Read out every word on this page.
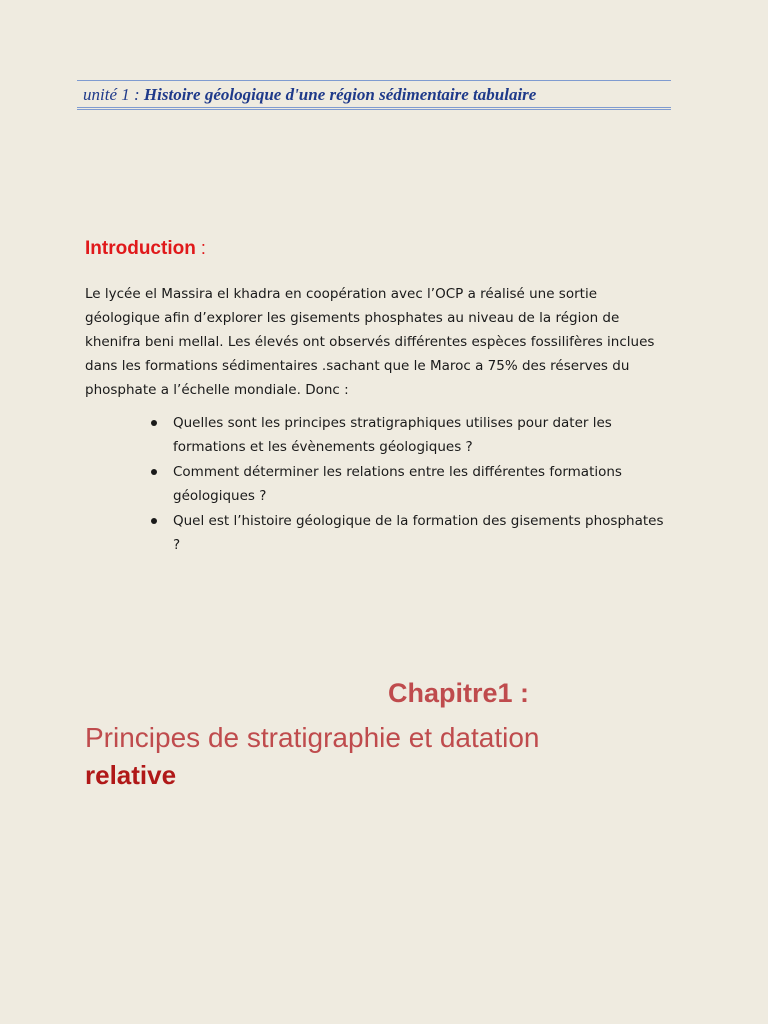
unité 1 : Histoire géologique d'une région sédimentaire tabulaire
Introduction :

Le lycée el Massira el khadra en coopération avec l’OCP a réalisé une sortie géologique afin d’explorer les gisements phosphates au niveau de la région de khenifra beni mellal. Les élevés ont observés différentes espèces fossilifères inclues dans les formations sédimentaires .sachant que le Maroc a 75% des réserves du phosphate a l’échelle mondiale. Donc :

Quelles sont les principes stratigraphiques utilises pour dater les formations et les évènements géologiques ?
Comment déterminer les relations entre les différentes formations géologiques ?
Quel est l’histoire géologique de la formation des gisements phosphates ?
Chapitre1 :
Principes de stratigraphie et datation
relative
